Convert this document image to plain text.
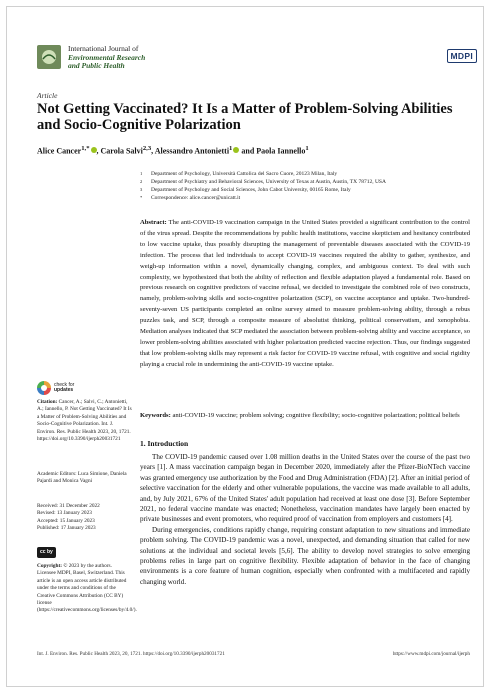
International Journal of
Environmental Research
and Public Health
MDPI
Article
Not Getting Vaccinated? It Is a Matter of Problem-Solving Abilities and Socio-Cognitive Polarization
Alice Cancer$^{1,*}$ , Carola Salvi$^{2,3}$, Alessandro Antonietti$^1$ and Paola Iannello$^1$
1 Department of Psychology, Università Cattolica del Sacro Cuore, 20123 Milan, Italy
2 Department of Psychiatry and Behavioral Sciences, University of Texas at Austin, Austin, TX 78712, USA
3 Department of Psychology and Social Sciences, John Cabot University, 00165 Rome, Italy
* Correspondence: alice.cancer@unicatt.it
Abstract: The anti-COVID-19 vaccination campaign in the United States provided a significant contribution to the control of the virus spread. Despite the recommendations by public health institutions, vaccine skepticism and hesitancy contributed to low vaccine uptake, thus possibly disrupting the management of preventable diseases associated with the COVID-19 infection. The process that led individuals to accept COVID-19 vaccines required the ability to gather, synthesize, and weigh-up information within a novel, dynamically changing, complex, and ambiguous context. To deal with such complexity, we hypothesized that both the ability of reflection and flexible adaptation played a fundamental role. Based on previous research on cognitive predictors of vaccine refusal, we decided to investigate the combined role of two constructs, namely, problem-solving skills and socio-cognitive polarization (SCP), on vaccine acceptance and uptake. Two-hundred-seventy-seven US participants completed an online survey aimed to measure problem-solving ability, through a rebus puzzles task, and SCP, through a composite measure of absolutist thinking, political conservatism, and xenophobia. Mediation analyses indicated that SCP mediated the association between problem-solving ability and vaccine acceptance, so lower problem-solving abilities associated with higher polarization predicted vaccine rejection. Thus, our findings suggested that low problem-solving skills may represent a risk factor for COVID-19 vaccine refusal, with cognitive and social rigidity playing a crucial role in undermining the anti-COVID-19 vaccine uptake.
Keywords: anti-COVID-19 vaccine; problem solving; cognitive flexibility; socio-cognitive polarization; political beliefs
1. Introduction

The COVID-19 pandemic caused over 1.08 million deaths in the United States over the course of the past two years [1]. A mass vaccination campaign began in December 2020, immediately after the Pfizer-BioNTech vaccine was granted emergency use authorization by the Food and Drug Administration (FDA) [2]. After an initial period of selective vaccination for the elderly and other vulnerable populations, the vaccine was made available to all adults, and, by July 2021, 67% of the United States' adult population had received at least one dose [3]. Before September 2021, no federal vaccine mandate was enacted; Nonetheless, vaccination mandates have largely been enacted by private businesses and event promoters, who required proof of vaccination from employers and customers [4].

During emergencies, conditions rapidly change, requiring constant adaptation to new situations and immediate problem solving. The COVID-19 pandemic was a novel, unexpected, and demanding situation that called for new solutions at the individual and societal levels [5,6]. The ability to develop novel strategies to solve emerging problems relies in large part on cognitive flexibility. Flexible adaptation of behavior in the face of changing environments is a core feature of human cognition, especially when confronted with a multifaceted and rapidly changing world.

check for
updates
Citation: Cancer, A.; Salvi, C.; Antonietti, A.; Iannello, P. Not Getting Vaccinated? It Is a Matter of Problem-Solving Abilities and Socio-Cognitive Polarization. Int. J. Environ. Res. Public Health 2023, 20, 1721. https://doi.org/10.3390/ijerph20031721
Academic Editors: Luca Simione, Daniela Pajardi and Monica Vagni
Received: 31 December 2022
Revised: 13 January 2023
Accepted: 15 January 2023
Published: 17 January 2023
cc by
Copyright: © 2023 by the authors. Licensee MDPI, Basel, Switzerland. This article is an open access article distributed under the terms and conditions of the Creative Commons Attribution (CC BY) license (https://creativecommons.org/licenses/by/4.0/).
Int. J. Environ. Res. Public Health 2023, 20, 1721. https://doi.org/10.3390/ijerph20031721	https://www.mdpi.com/journal/ijerph
